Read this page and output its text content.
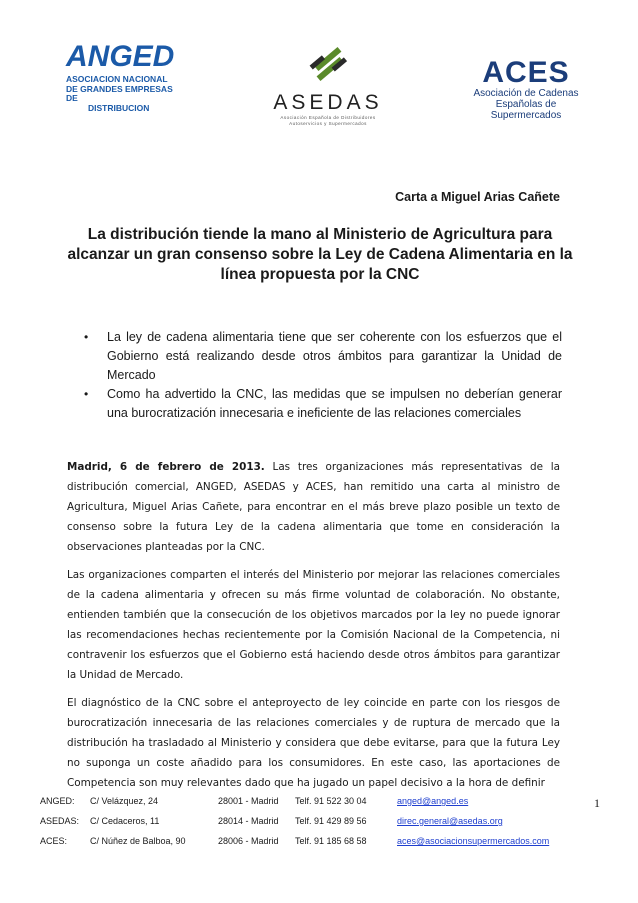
ANGED
ASOCIACION NACIONAL
DE GRANDES EMPRESAS DE
DISTRIBUCION	ASEDAS
Asociación Española de Distribuidores
Autoservicios y Supermercados
ACES
Asociación de Cadenas
Españolas de Supermercados
Carta a Miguel Arias Cañete
La distribución tiende la mano al Ministerio de Agricultura para alcanzar un gran consenso sobre la Ley de Cadena Alimentaria en la línea propuesta por la CNC
• La ley de cadena alimentaria tiene que ser coherente con los esfuerzos que el Gobierno está realizando desde otros ámbitos para garantizar la Unidad de Mercado
• Como ha advertido la CNC, las medidas que se impulsen no deberían generar una burocratización innecesaria e ineficiente de las relaciones comerciales

Madrid, 6 de febrero de 2013. Las tres organizaciones más representativas de la distribución comercial, ANGED, ASEDAS y ACES, han remitido una carta al ministro de Agricultura, Miguel Arias Cañete, para encontrar en el más breve plazo posible un texto de consenso sobre la futura Ley de la cadena alimentaria que tome en consideración la observaciones planteadas por la CNC.

Las organizaciones comparten el interés del Ministerio por mejorar las relaciones comerciales de la cadena alimentaria y ofrecen su más firme voluntad de colaboración. No obstante, entienden también que la consecución de los objetivos marcados por la ley no puede ignorar las recomendaciones hechas recientemente por la Comisión Nacional de la Competencia, ni contravenir los esfuerzos que el Gobierno está haciendo desde otros ámbitos para garantizar la Unidad de Mercado.

El diagnóstico de la CNC sobre el anteproyecto de ley coincide en parte con los riesgos de burocratización innecesaria de las relaciones comerciales y de ruptura de mercado que la distribución ha trasladado al Ministerio y considera que debe evitarse, para que la futura Ley no suponga un coste añadido para los consumidores. En este caso, las aportaciones de Competencia son muy relevantes dado que ha jugado un papel decisivo a la hora de definir

ANGED: C/ Velázquez, 24	28001 - Madrid Telf. 91 522 30 04	anged@anged.es	1
ASEDAS: C/ Cedaceros, 11	28014 - Madrid Telf. 91 429 89 56	direc.general@asedas.org
ACES:	C/ Núñez de Balboa, 90	28006 - Madrid Telf. 91 185 68 58	aces@asociacionsupermercados.com
